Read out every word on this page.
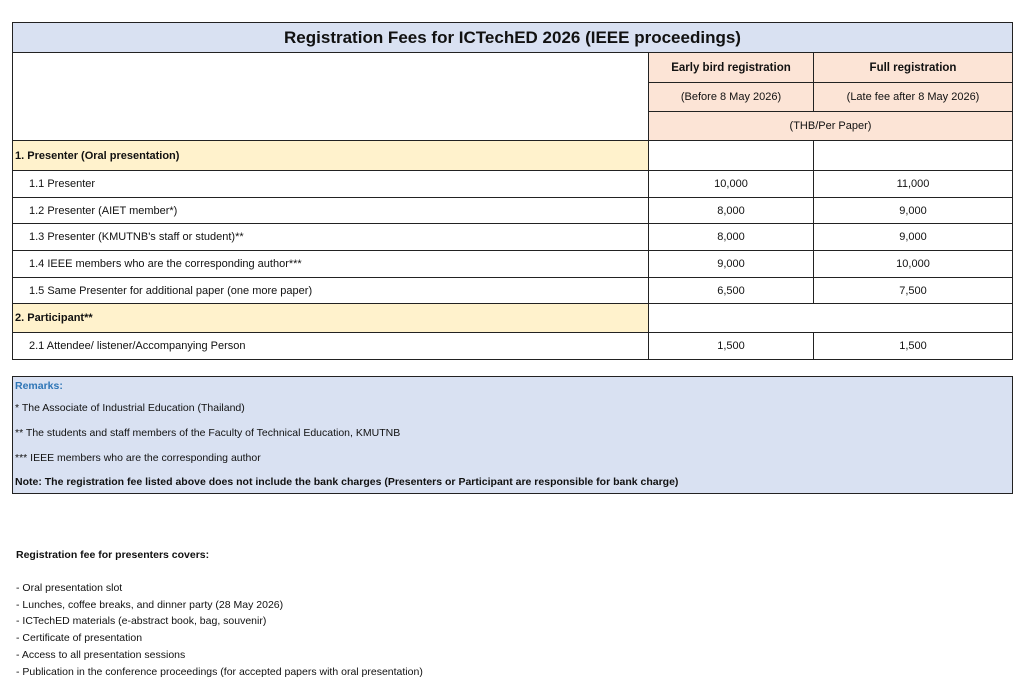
Registration Fees for ICTechED 2026 (IEEE proceedings)
Early bird registration	Full registration
(Before 8 May 2026)	(Late fee after 8 May 2026)
(THB/Per Paper)
1. Presenter (Oral presentation)
1.1 Presenter	10,000	11,000
1.2 Presenter (AIET member*)	8,000	9,000
1.3 Presenter (KMUTNB's staff or student)**	8,000	9,000
1.4 IEEE members who are the corresponding author***	9,000	10,000
1.5 Same Presenter for additional paper (one more paper)	6,500	7,500
2. Participant**
2.1 Attendee/ listener/Accompanying Person	1,500	1,500
Remarks:
* The Associate of Industrial Education (Thailand)
** The students and staff members of the Faculty of Technical Education, KMUTNB
*** IEEE members who are the corresponding author
Note: The registration fee listed above does not include the bank charges (Presenters or Participant are responsible for bank charge)
Registration fee for presenters covers:
- Oral presentation slot
- Lunches, coffee breaks, and dinner party (28 May 2026)
- ICTechED materials (e-abstract book, bag, souvenir)
- Certificate of presentation
- Access to all presentation sessions
- Publication in the conference proceedings (for accepted papers with oral presentation)
